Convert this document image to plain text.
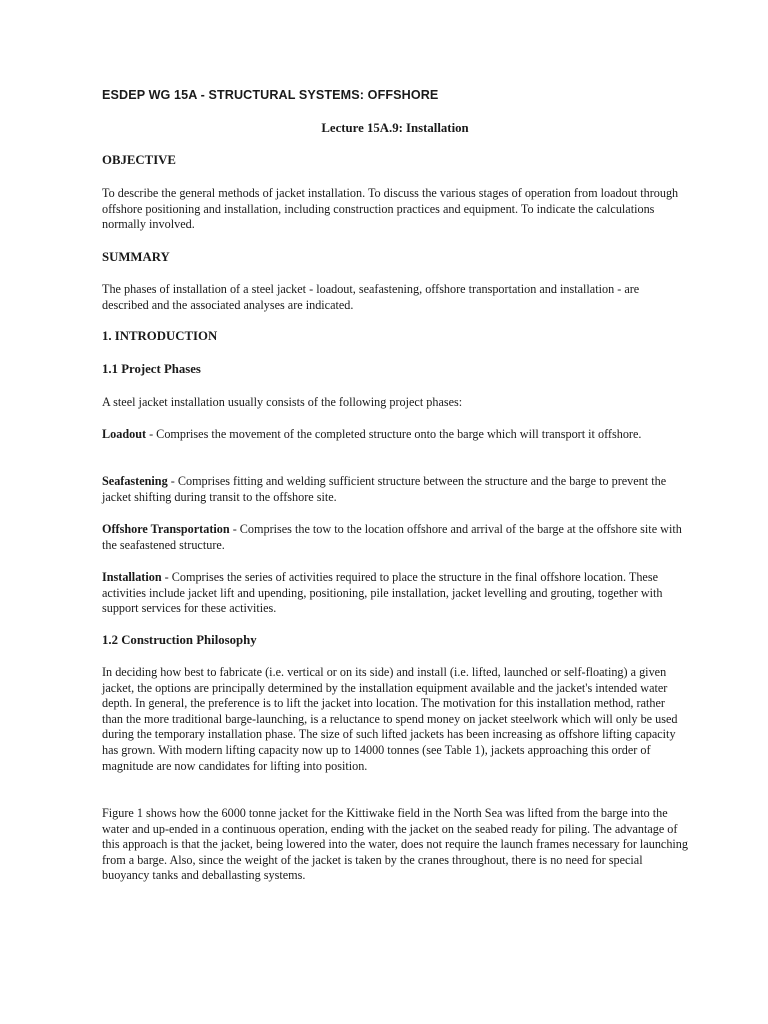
ESDEP WG 15A - STRUCTURAL SYSTEMS: OFFSHORE
Lecture 15A.9: Installation
OBJECTIVE

To describe the general methods of jacket installation. To discuss the various stages of operation from loadout through offshore positioning and installation, including construction practices and equipment. To indicate the calculations normally involved.

SUMMARY

The phases of installation of a steel jacket - loadout, seafastening, offshore transportation and installation - are described and the associated analyses are indicated.

1. INTRODUCTION
1.1 Project Phases

A steel jacket installation usually consists of the following project phases:

Loadout - Comprises the movement of the completed structure onto the barge which will transport it offshore.

Seafastening - Comprises fitting and welding sufficient structure between the structure and the barge to prevent the jacket shifting during transit to the offshore site.

Offshore Transportation - Comprises the tow to the location offshore and arrival of the barge at the offshore site with the seafastened structure.

Installation - Comprises the series of activities required to place the structure in the final offshore location. These activities include jacket lift and upending, positioning, pile installation, jacket levelling and grouting, together with support services for these activities.

1.2 Construction Philosophy

In deciding how best to fabricate (i.e. vertical or on its side) and install (i.e. lifted, launched or self-floating) a given jacket, the options are principally determined by the installation equipment available and the jacket's intended water depth. In general, the preference is to lift the jacket into location. The motivation for this installation method, rather than the more traditional barge-launching, is a reluctance to spend money on jacket steelwork which will only be used during the temporary installation phase. The size of such lifted jackets has been increasing as offshore lifting capacity has grown. With modern lifting capacity now up to 14000 tonnes (see Table 1), jackets approaching this order of magnitude are now candidates for lifting into position.

Figure 1 shows how the 6000 tonne jacket for the Kittiwake field in the North Sea was lifted from the barge into the water and up-ended in a continuous operation, ending with the jacket on the seabed ready for piling. The advantage of this approach is that the jacket, being lowered into the water, does not require the launch frames necessary for launching from a barge. Also, since the weight of the jacket is taken by the cranes throughout, there is no need for special buoyancy tanks and deballasting systems.
